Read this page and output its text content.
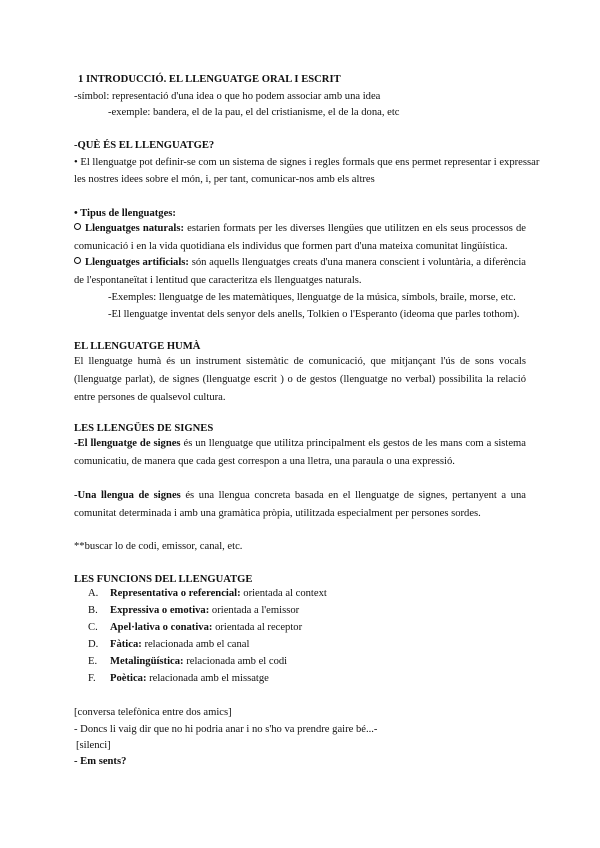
1 INTRODUCCIÓ. EL LLENGUATGE ORAL I ESCRIT
-símbol: representació d'una idea o que ho podem associar amb una idea
-exemple: bandera, el de la pau, el del cristianisme, el de la dona, etc
-QUÈ ÉS EL LLENGUATGE?
• El llenguatge pot definir-se com un sistema de signes i regles formals que ens permet representar i expressar
les nostres idees sobre el món, i, per tant, comunicar-nos amb els altres
• Tipus de llenguatges:
Llenguatges naturals: estarien formats per les diverses llengües que utilitzen en els seus processos de comunicació i en la vida quotidiana els individus que formen part d'una mateixa comunitat lingüística.
Llenguatges artificials: són aquells llenguatges creats d'una manera conscient i voluntària, a diferència de l'espontaneïtat i lentitud que caracteritza els llenguatges naturals.
-Exemples: llenguatge de les matemàtiques, llenguatge de la música, símbols, braile, morse, etc.
-El llenguatge inventat dels senyor dels anells, Tolkien o l'Esperanto (ideoma que parles tothom).
EL LLENGUATGE HUMÀ
El llenguatge humà és un instrument sistemàtic de comunicació, que mitjançant l'ús de sons vocals (llenguatge parlat), de signes (llenguatge escrit ) o de gestos (llenguatge no verbal) possibilita la relació entre persones de qualsevol cultura.
LES LLENGÜES DE SIGNES
-El llenguatge de signes és un llenguatge que utilitza principalment els gestos de les mans com a sistema comunicatiu, de manera que cada gest correspon a una lletra, una paraula o una expressió.
-Una llengua de signes és una llengua concreta basada en el llenguatge de signes, pertanyent a una comunitat determinada i amb una gramàtica pròpia, utilitzada especialment per persones sordes.
**buscar lo de codi, emissor, canal, etc.
LES FUNCIONS DEL LLENGUATGE
A. Representativa o referencial: orientada al context
B. Expressiva o emotiva: orientada a l'emissor
C. Apel·lativa o conativa: orientada al receptor
D. Fàtica: relacionada amb el canal
E. Metalingüística: relacionada amb el codi
F. Poètica: relacionada amb el missatge
[conversa telefònica entre dos amics]
- Doncs li vaig dir que no hi podria anar i no s'ho va prendre gaire bé...-
[silenci]
- Em sents?
